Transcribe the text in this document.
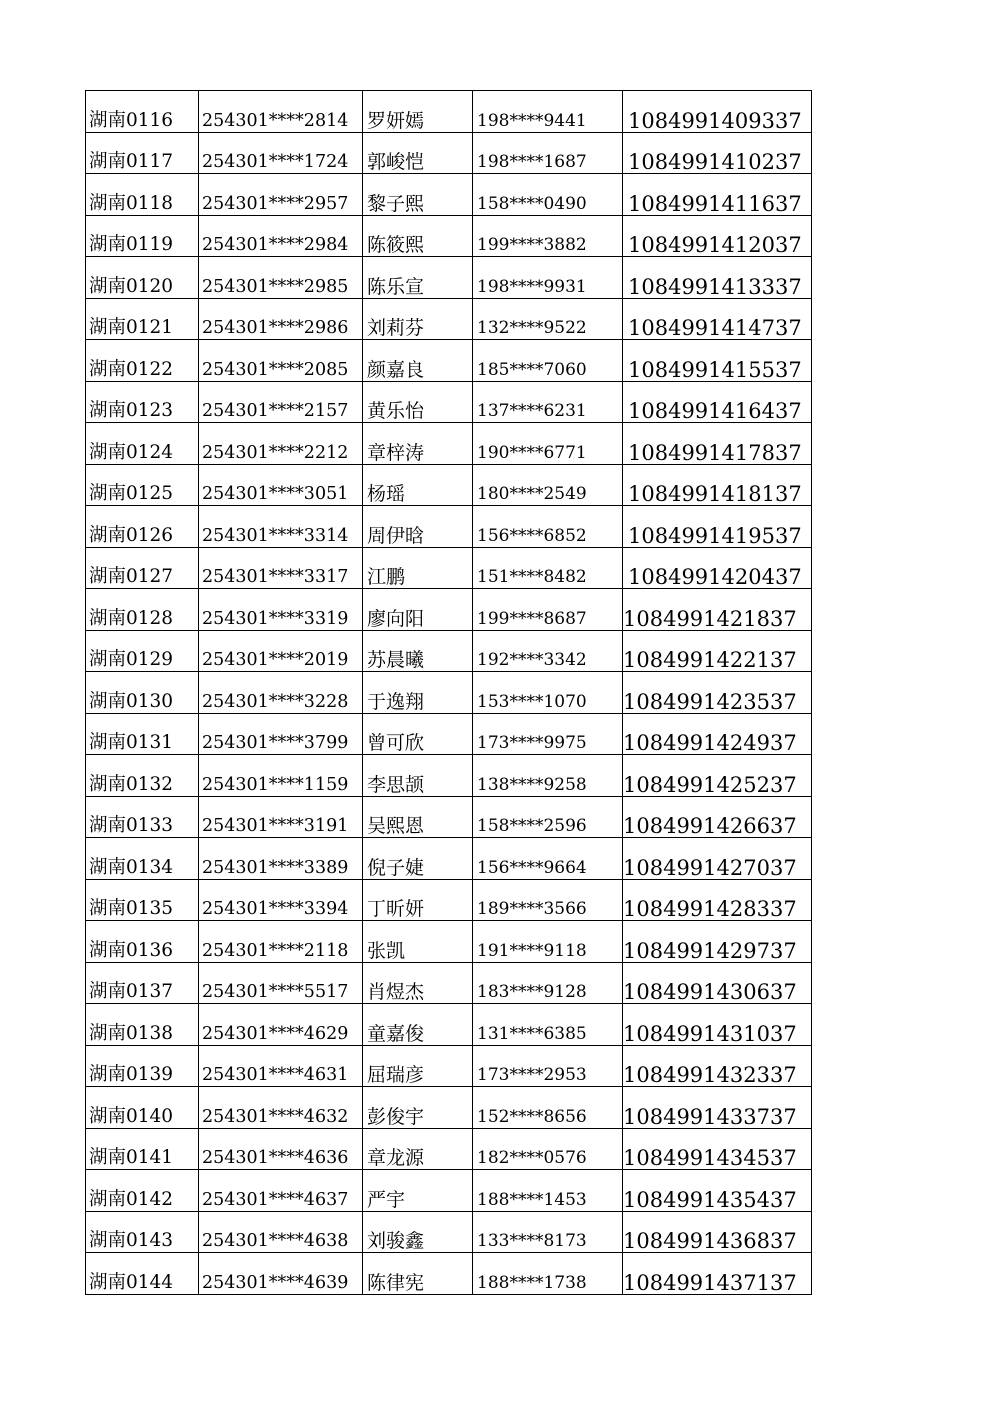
湖南0116	254301****2814	罗妍嫣	198****9441	1084991409337

湖南0117	254301****1724	郭峻恺	198****1687	1084991410237

湖南0118	254301****2957	黎子熙	158****0490	1084991411637

湖南0119	254301****2984	陈筱熙	199****3882	1084991412037

湖南0120	254301****2985	陈乐宣	198****9931	1084991413337

湖南0121	254301****2986	刘莉芬	132****9522	1084991414737

湖南0122	254301****2085	颜嘉良	185****7060	1084991415537

湖南0123	254301****2157	黄乐怡	137****6231	1084991416437

湖南0124	254301****2212	章梓涛	190****6771	1084991417837

湖南0125	254301****3051	杨瑶	180****2549	1084991418137

湖南0126	254301****3314	周伊晗	156****6852	1084991419537

湖南0127	254301****3317	江鹏	151****8482	1084991420437

湖南0128	254301****3319	廖向阳	199****8687	1084991421837

湖南0129	254301****2019	苏晨曦	192****3342	1084991422137

湖南0130	254301****3228	于逸翔	153****1070	1084991423537

湖南0131	254301****3799	曾可欣	173****9975	1084991424937

湖南0132	254301****1159	李思颉	138****9258	1084991425237

湖南0133	254301****3191	吴熙恩	158****2596	1084991426637

湖南0134	254301****3389	倪子婕	156****9664	1084991427037

湖南0135	254301****3394	丁昕妍	189****3566	1084991428337

湖南0136	254301****2118	张凯	191****9118	1084991429737

湖南0137	254301****5517	肖煜杰	183****9128	1084991430637

湖南0138	254301****4629	童嘉俊	131****6385	1084991431037

湖南0139	254301****4631	屈瑞彦	173****2953	1084991432337

湖南0140	254301****4632	彭俊宇	152****8656	1084991433737

湖南0141	254301****4636	章龙源	182****0576	1084991434537

湖南0142	254301****4637	严宇	188****1453	1084991435437

湖南0143	254301****4638	刘骏鑫	133****8173	1084991436837

湖南0144	254301****4639	陈律宪	188****1738	1084991437137
